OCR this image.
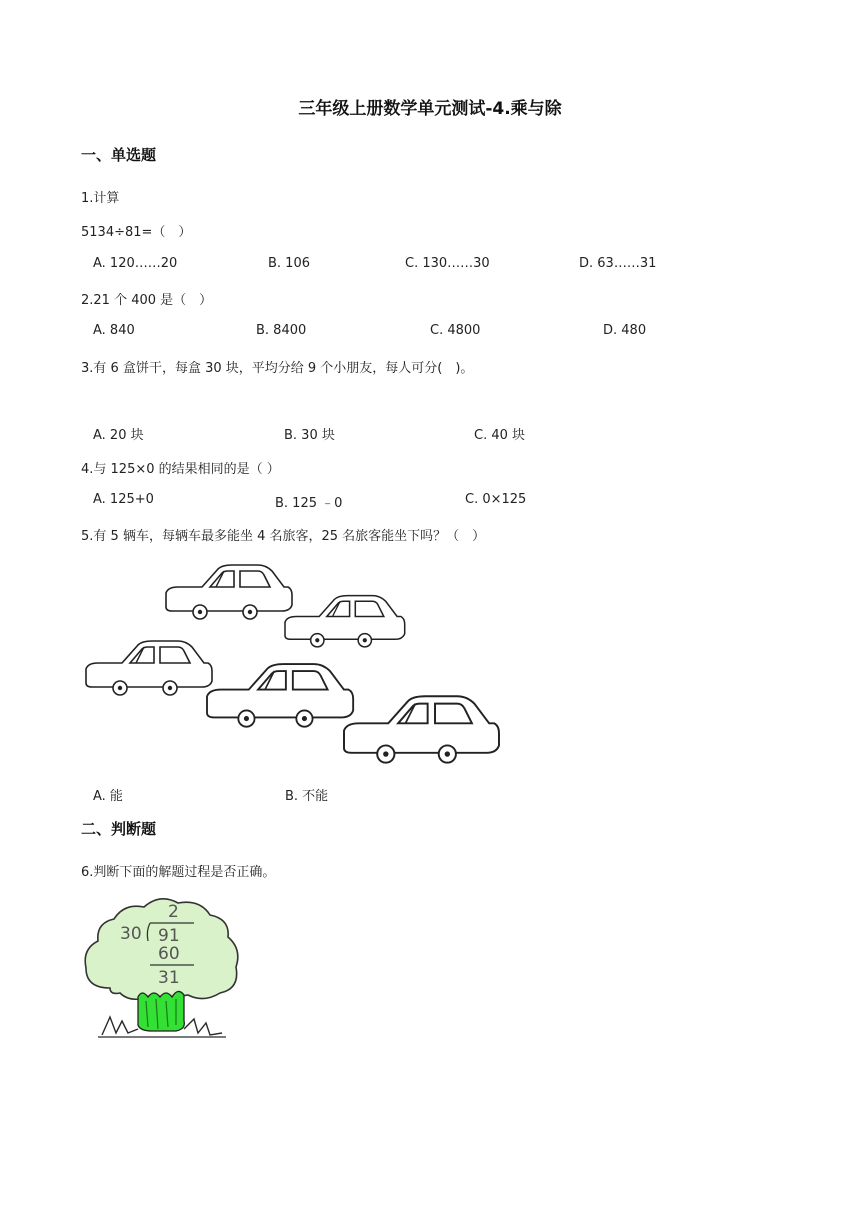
三年级上册数学单元测试-4.乘与除
一、单选题
1.计算
5134÷81=（　）
A. 120……20	B. 106	C. 130……30	D. 63……31
2.21 个 400 是（　）
A. 840	B. 8400	C. 4800	D. 480
3.有 6 盒饼干，每盒 30 块，平均分给 9 个小朋友，每人可分(　)。
A. 20 块	B. 30 块	C. 40 块
4.与 125×0 的结果相同的是（ ）
A. 125+0	B. 125 ﹣0	C. 0×125
5.有 5 辆车，每辆车最多能坐 4 名旅客，25 名旅客能坐下吗？（　）
A. 能	B. 不能
二、判断题
6.判断下面的解题过程是否正确。
2
30 91
60
31
